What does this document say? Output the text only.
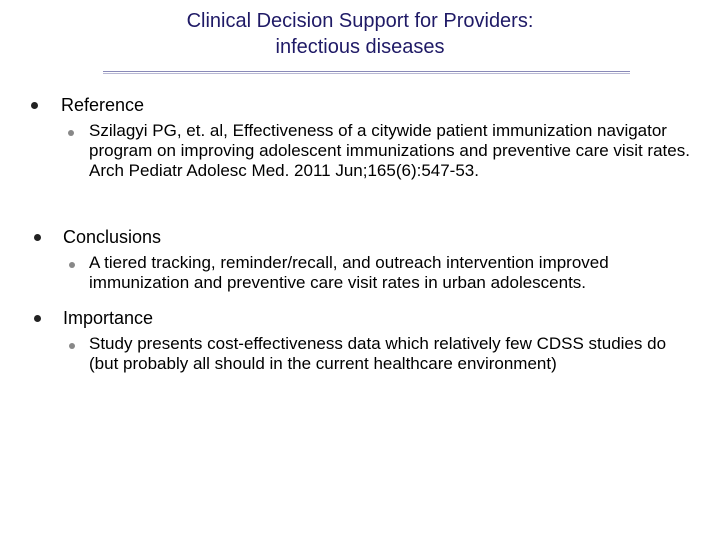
Clinical Decision Support for Providers:
infectious diseases
Reference
Szilagyi PG, et. al, Effectiveness of a citywide patient immunization navigator program on improving adolescent immunizations and preventive care visit rates. Arch Pediatr Adolesc Med. 2011 Jun;165(6):547-53.
Conclusions
A tiered tracking, reminder/recall, and outreach intervention improved immunization and preventive care visit rates in urban adolescents.
Importance
Study presents cost-effectiveness data which relatively few CDSS studies do (but probably all should in the current healthcare environment)
